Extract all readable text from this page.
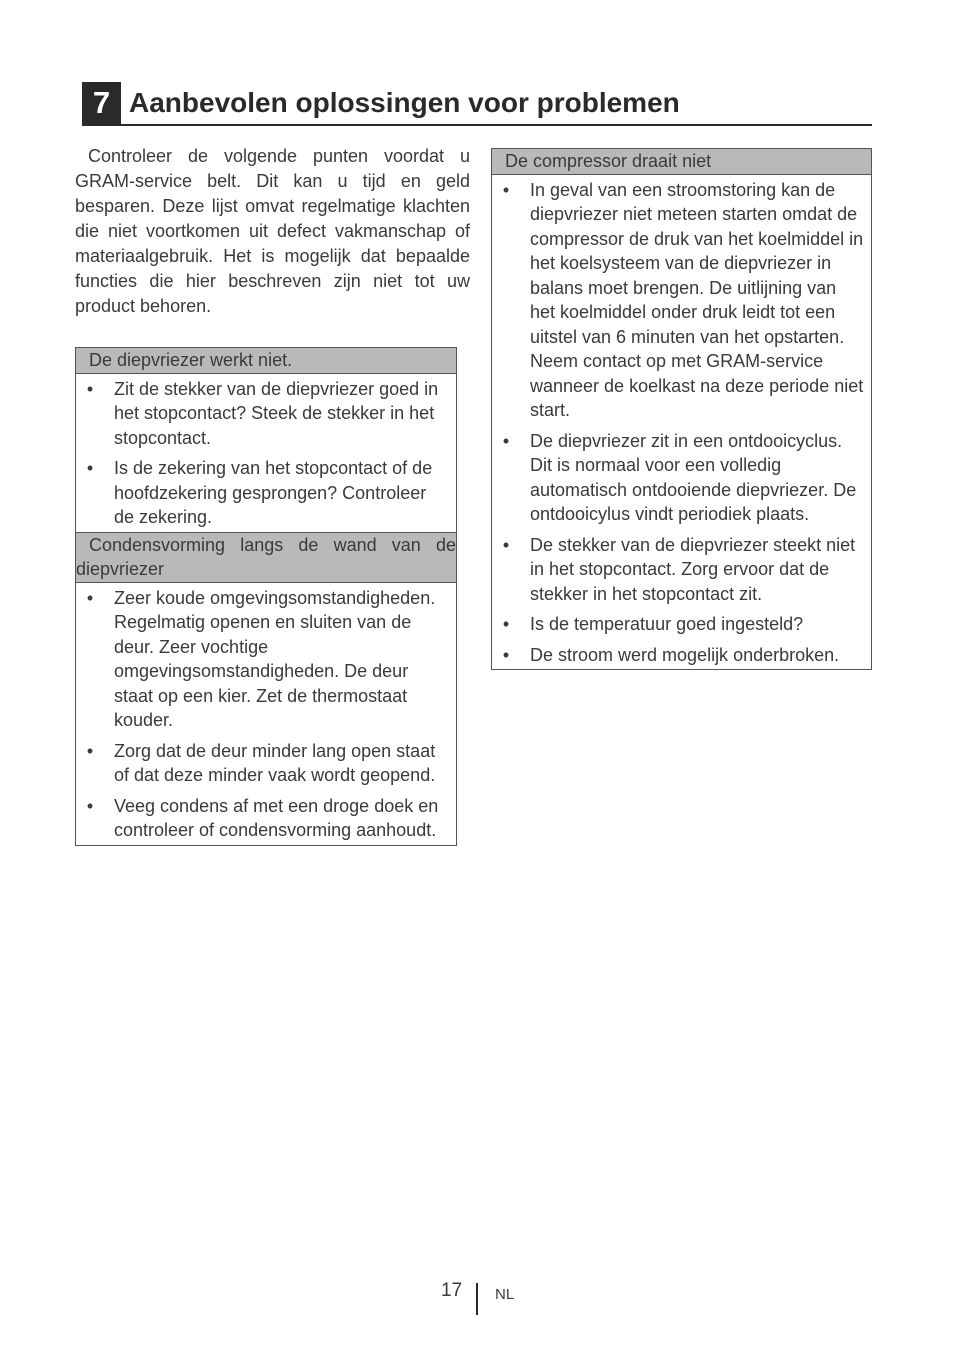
7 Aanbevolen oplossingen voor problemen

Controleer de volgende punten voordat u GRAM-service belt. Dit kan u tijd en geld besparen. Deze lijst omvat regelmatige klachten die niet voortkomen uit defect vakmanschap of materiaalgebruik. Het is mogelijk dat bepaalde functies die hier beschreven zijn niet tot uw product behoren.

De diepvriezer werkt niet.

• Zit de stekker van de diepvriezer goed in het stopcontact? Steek de stekker in het stopcontact.
• Is de zekering van het stopcontact of de hoofdzekering gesprongen? Controleer de zekering.

Condensvorming langs de wand van de diepvriezer

• Zeer koude omgevingsomstandigheden. Regelmatig openen en sluiten van de deur. Zeer vochtige omgevingsomstandigheden. De deur staat op een kier. Zet de thermostaat kouder.
• Zorg dat de deur minder lang open staat of dat deze minder vaak wordt geopend.
• Veeg condens af met een droge doek en controleer of condensvorming aanhoudt.
De compressor draait niet

• In geval van een stroomstoring kan de diepvriezer niet meteen starten omdat de compressor de druk van het koelmiddel in het koelsysteem van de diepvriezer in balans moet brengen. De uitlijning van het koelmiddel onder druk leidt tot een uitstel van 6 minuten van het opstarten. Neem contact op met GRAM-service wanneer de koelkast na deze periode niet start.
• De diepvriezer zit in een ontdooicyclus. Dit is normaal voor een volledig automatisch ontdooiende diepvriezer. De ontdooicylus vindt periodiek plaats.
• De stekker van de diepvriezer steekt niet in het stopcontact. Zorg ervoor dat de stekker in het stopcontact zit.
• Is de temperatuur goed ingesteld?
• De stroom werd mogelijk onderbroken.
17 NL
